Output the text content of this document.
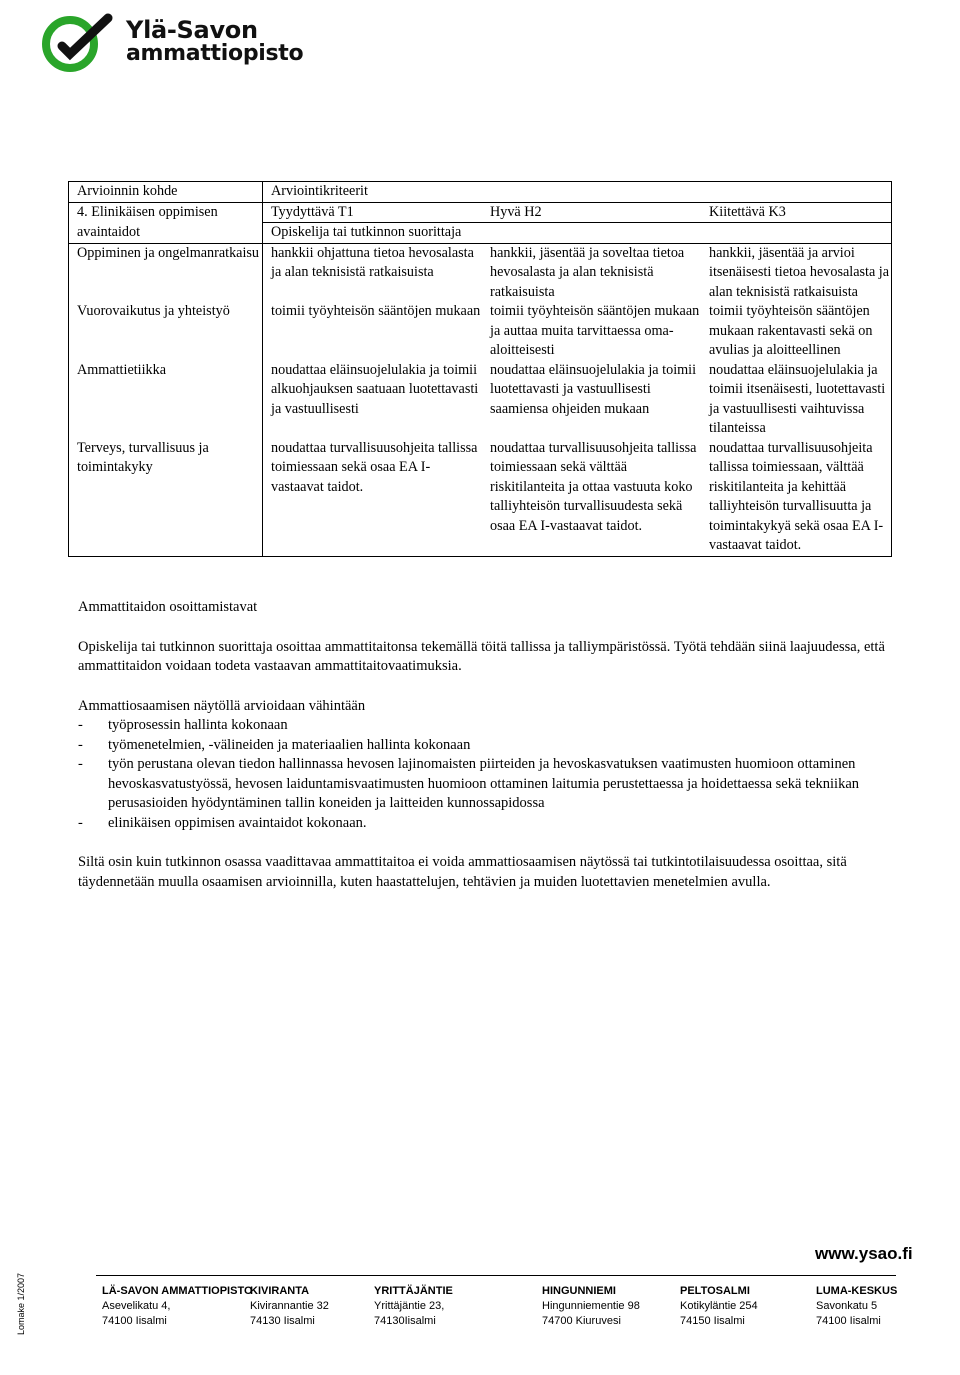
Ylä-Savon
ammattiopisto
Arvioinnin kohde	Arviointikriteerit		
4. Elinikäisen oppimisen	Tyydyttävä T1	Hyvä H2	Kiitettävä K3
avaintaidot	Opiskelija tai tutkinnon suorittaja		
Oppiminen ja ongelmanratkaisu	hankkii ohjattuna tietoa hevosalasta ja alan teknisistä ratkaisuista	hankkii, jäsentää ja soveltaa tietoa hevosalasta ja alan teknisistä ratkaisuista	hankkii, jäsentää ja arvioi itsenäisesti tietoa hevosalasta ja alan teknisistä ratkaisuista
Vuorovaikutus ja yhteistyö	toimii työyhteisön sääntöjen mukaan	toimii työyhteisön sääntöjen mukaan ja auttaa muita tarvittaessa oma-aloitteisesti	toimii työyhteisön sääntöjen mukaan rakentavasti sekä on avulias ja aloitteellinen
Ammattietiikka	noudattaa eläinsuojelulakia ja toimii alkuohjauksen saatuaan luotettavasti ja vastuullisesti	noudattaa eläinsuojelulakia ja toimii luotettavasti ja vastuullisesti saamiensa ohjeiden mukaan	noudattaa eläinsuojelulakia ja toimii itsenäisesti, luotettavasti ja vastuullisesti vaihtuvissa tilanteissa
Terveys, turvallisuus ja toimintakyky	noudattaa turvallisuusohjeita tallissa toimiessaan sekä osaa EA I-vastaavat taidot.	noudattaa turvallisuusohjeita tallissa toimiessaan sekä välttää riskitilanteita ja ottaa vastuuta koko talliyhteisön turvallisuudesta sekä osaa EA I-vastaavat taidot.	noudattaa turvallisuusohjeita tallissa toimiessaan, välttää riskitilanteita ja kehittää talliyhteisön turvallisuutta ja toimintakykyä sekä osaa EA I-vastaavat taidot.

Ammattitaidon osoittamistavat

Opiskelija tai tutkinnon suorittaja osoittaa ammattitaitonsa tekemällä töitä tallissa ja talliympäristössä. Työtä tehdään siinä laajuudessa, että ammattitaidon voidaan todeta vastaavan ammattitaitovaatimuksia.

Ammattiosaamisen näytöllä arvioidaan vähintään

- työprosessin hallinta kokonaan
- työmenetelmien, -välineiden ja materiaalien hallinta kokonaan
- työn perustana olevan tiedon hallinnassa hevosen lajinomaisten piirteiden ja hevoskasvatuksen vaatimusten huomioon ottaminen hevoskasvatustyössä, hevosen laiduntamisvaatimusten huomioon ottaminen laitumia perustettaessa ja hoidettaessa sekä tekniikan perusasioiden hyödyntäminen tallin koneiden ja laitteiden kunnossapidossa
- elinikäisen oppimisen avaintaidot kokonaan.

Siltä osin kuin tutkinnon osassa vaadittavaa ammattitaitoa ei voida ammattiosaamisen näytössä tai tutkintotilaisuudessa osoittaa, sitä täydennetään muulla osaamisen arvioinnilla, kuten haastattelujen, tehtävien ja muiden luotettavien menetelmien avulla.

www.ysao.fi
LÄ-SAVON AMMATTIOPISTO
Asevelikatu 4,
74100 Iisalmi
KIVIRANTA
Kivirannantie 32
74130 Iisalmi
YRITTÄJÄNTIE
Yrittäjäntie 23,
74130Iisalmi
HINGUNNIEMI
Hingunniementie 98
74700 Kiuruvesi
PELTOSALMI
Kotikyläntie 254
74150 Iisalmi
LUMA-KESKUS
Savonkatu 5
74100 Iisalmi
Lomake 1/2007
